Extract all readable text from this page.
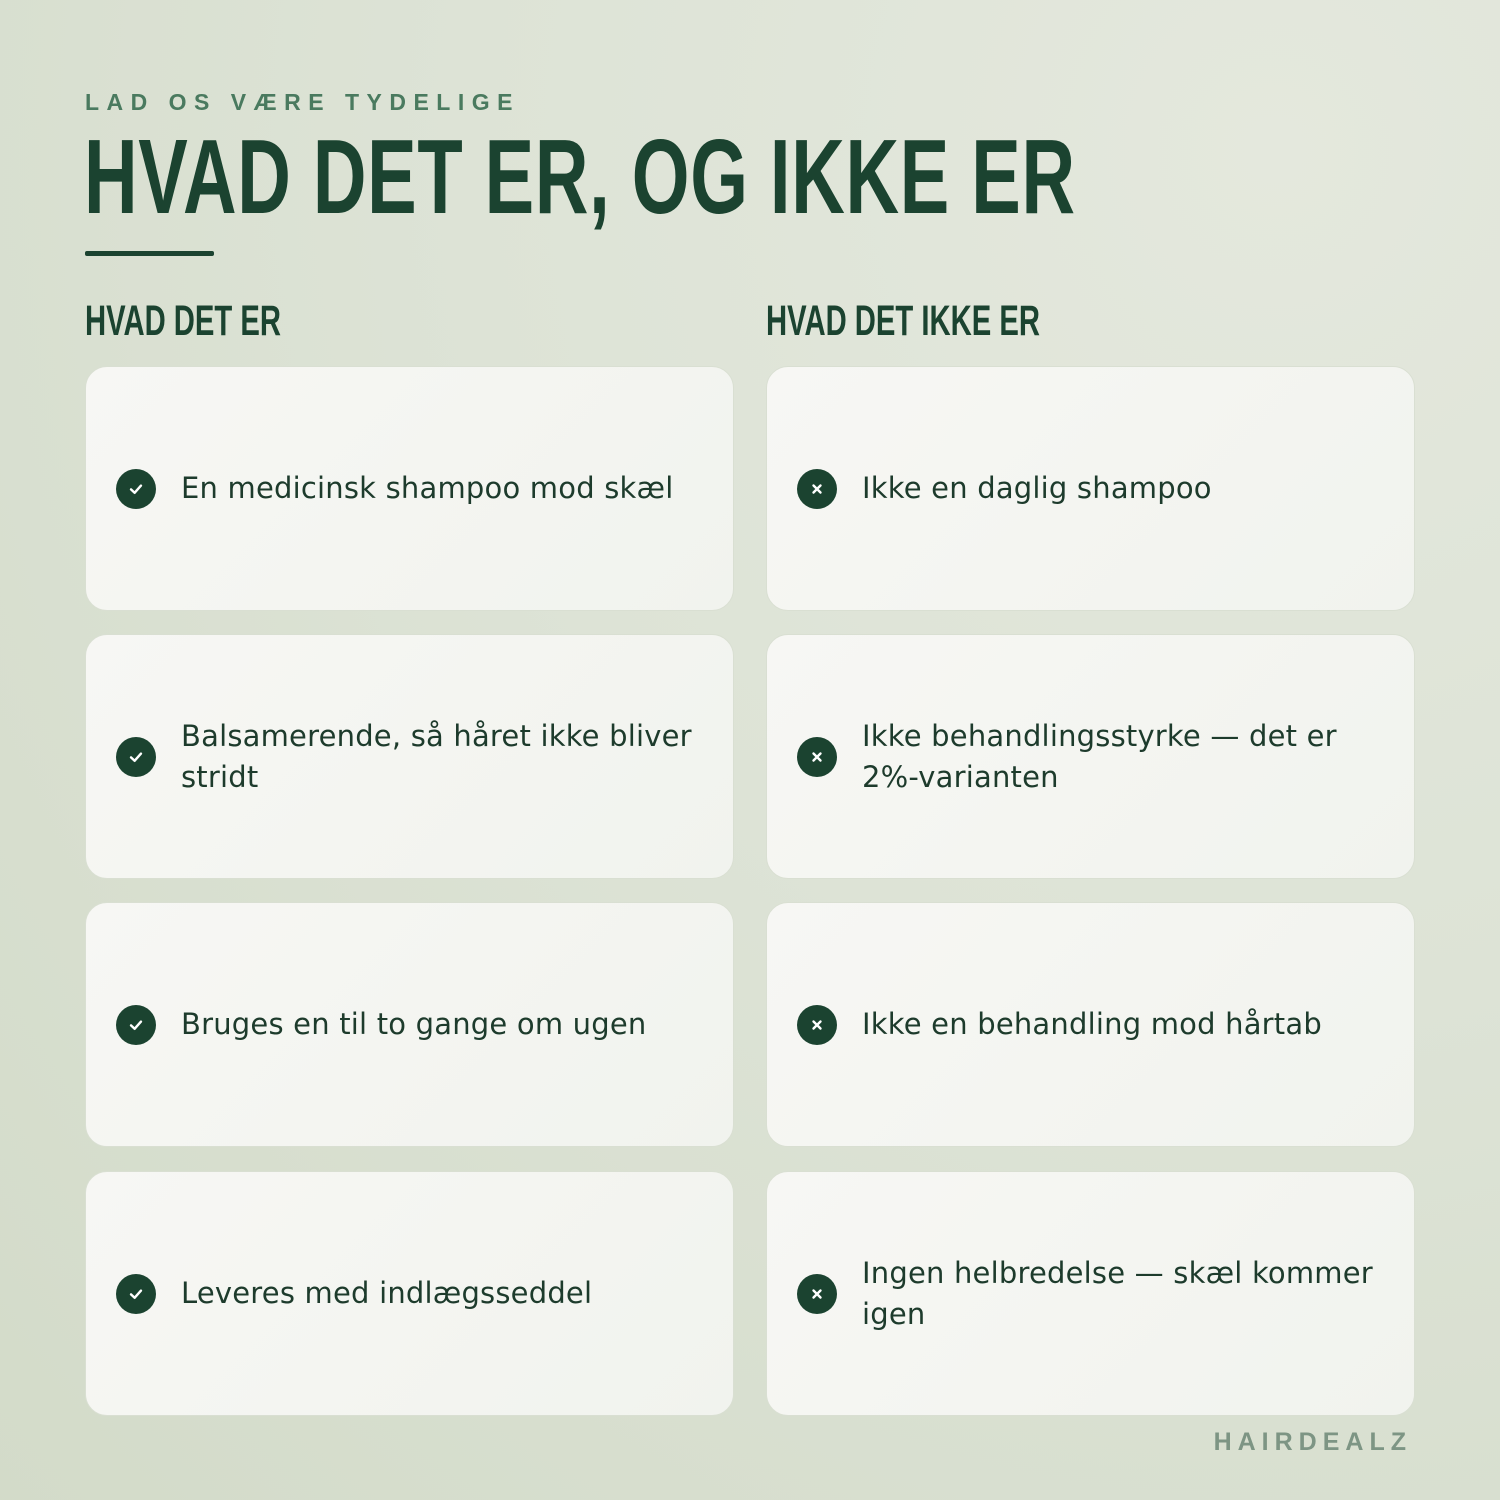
LAD OS VÆRE TYDELIGE
HVAD DET ER, OG IKKE ER
HVAD DET ER	HVAD DET IKKE ER
En medicinsk shampoo mod skæl
Balsamerende, så håret ikke bliver stridt
Bruges en til to gange om ugen
Leveres med indlægsseddel
Ikke en daglig shampoo
Ikke behandlingsstyrke — det er 2%-varianten
Ikke en behandling mod hårtab
Ingen helbredelse — skæl kommer igen
HAIRDEALZ
